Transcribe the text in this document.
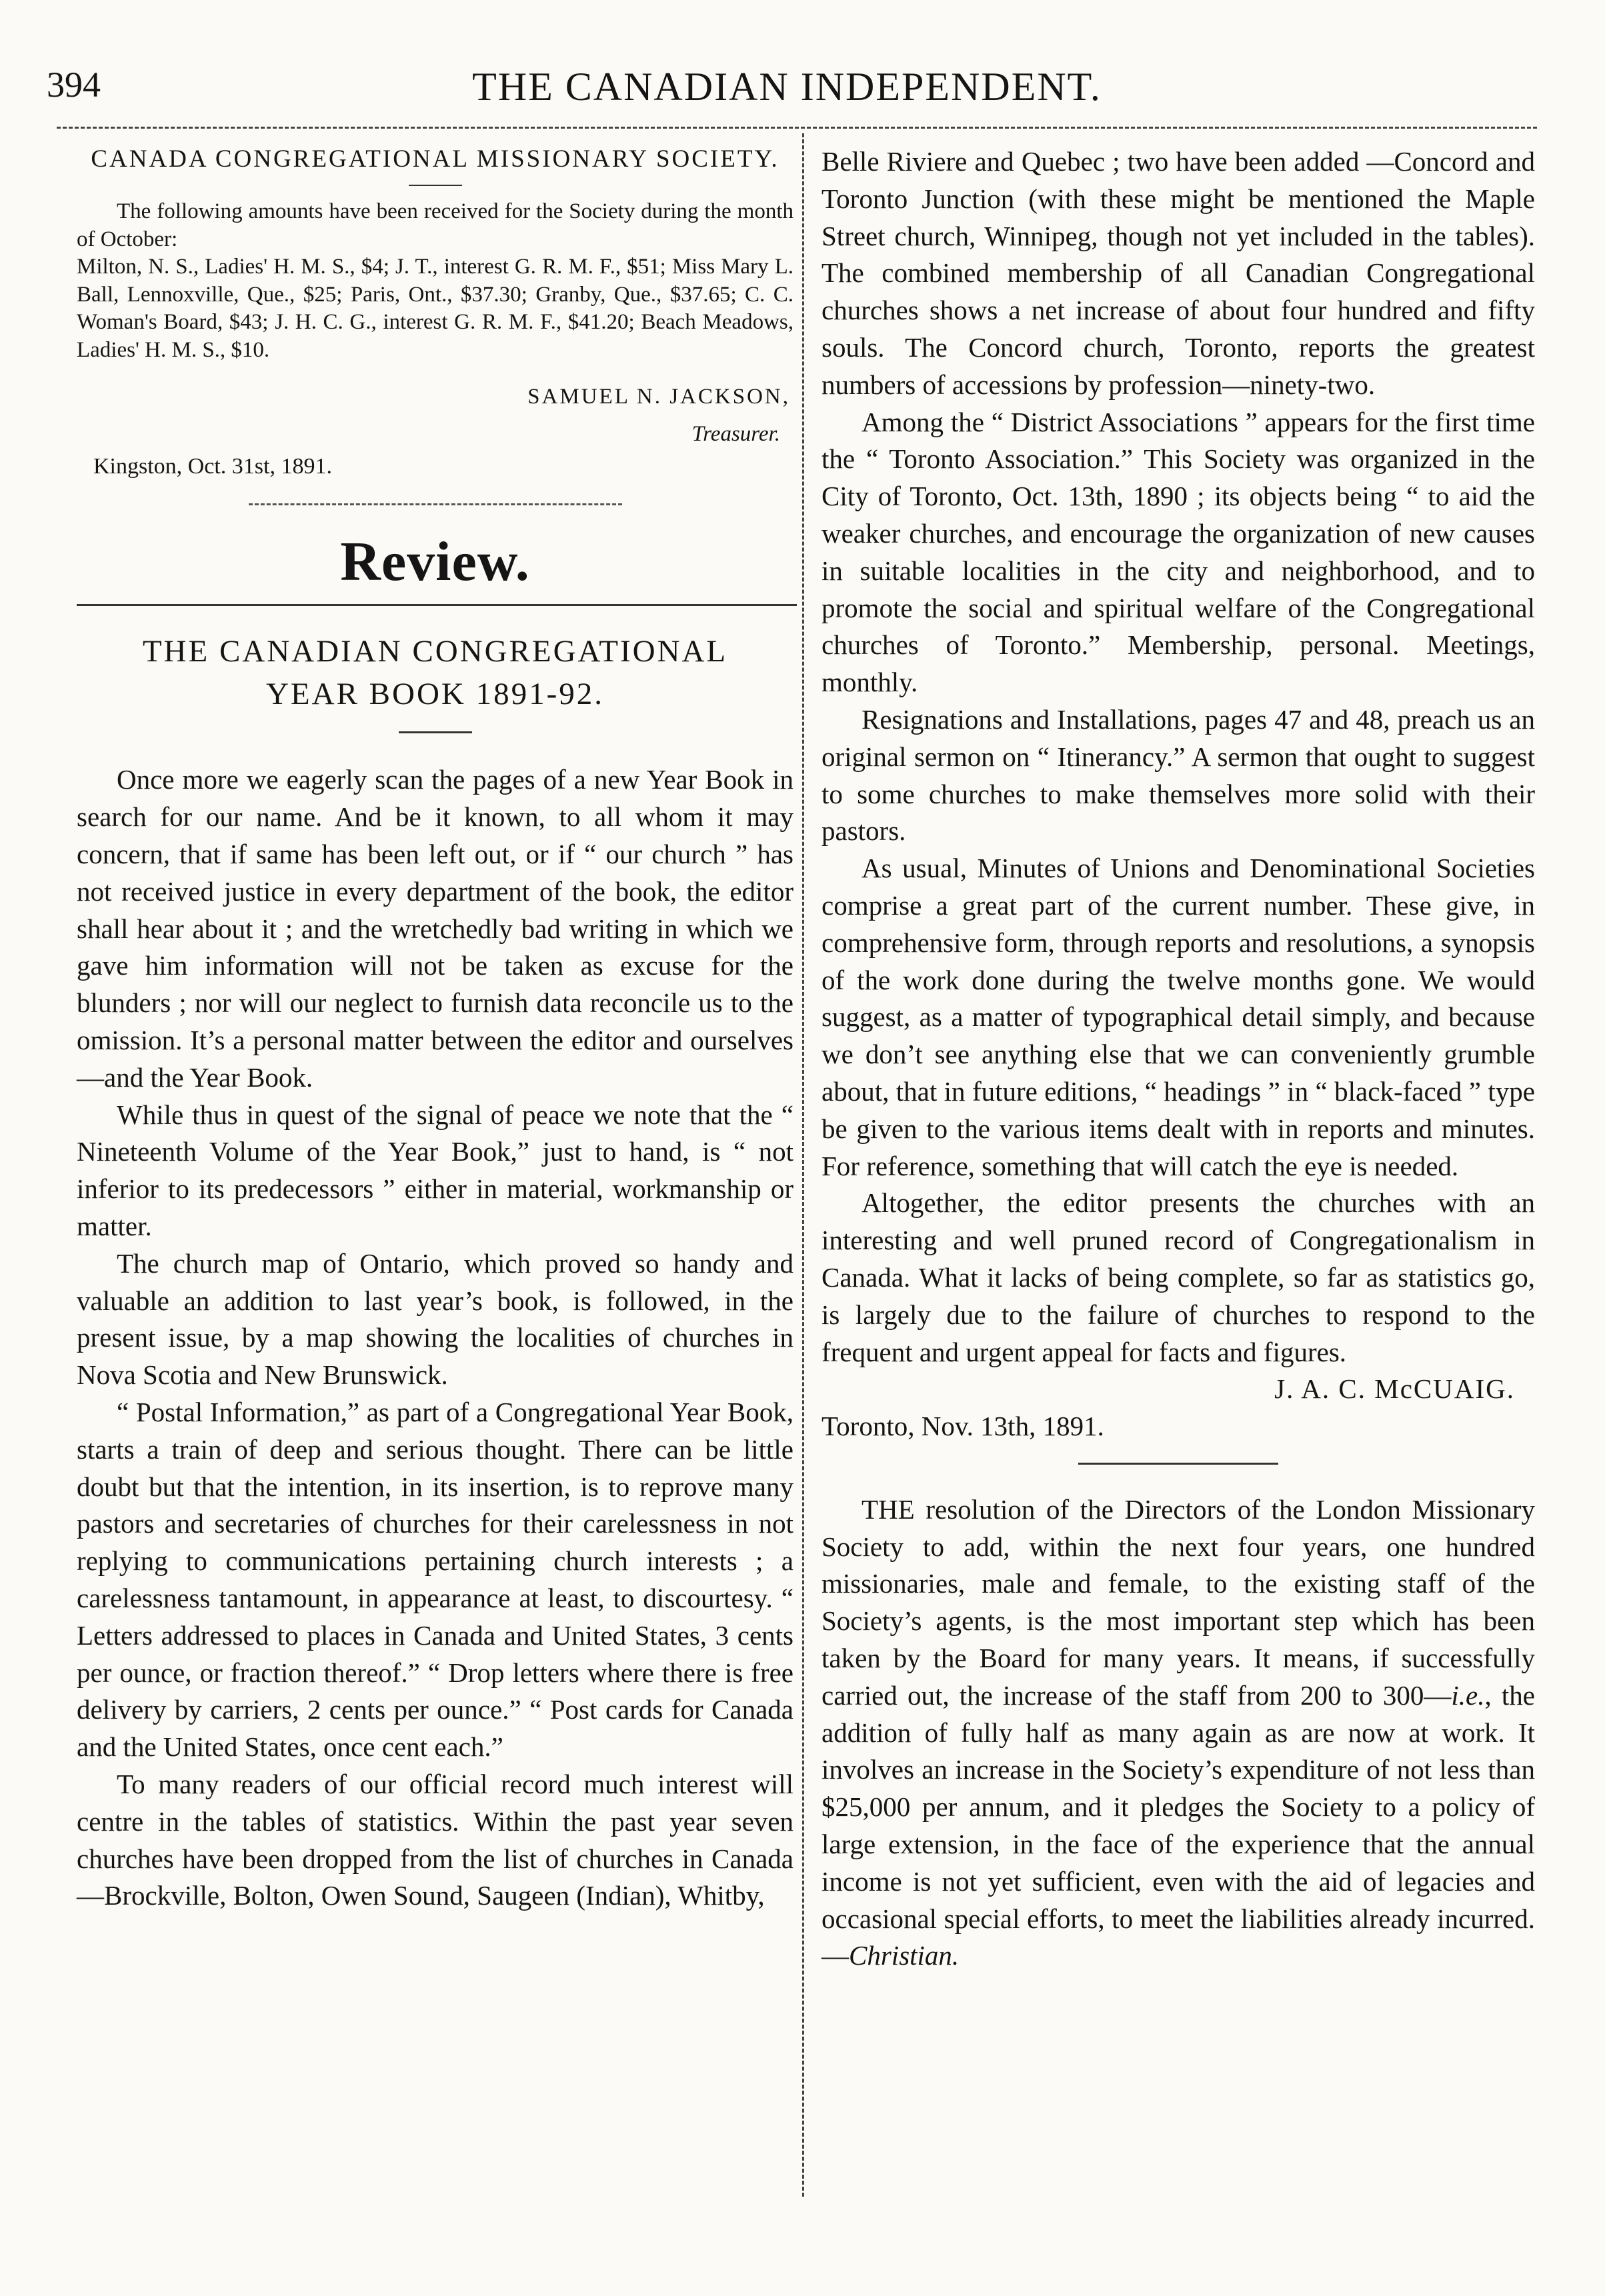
394	THE CANADIAN INDEPENDENT.
CANADA CONGREGATIONAL MISSIONARY SOCIETY.

The following amounts have been received for the Society during the month of October:

Milton, N. S., Ladies' H. M. S., $4; J. T., interest G. R. M. F., $51; Miss Mary L. Ball, Lennoxville, Que., $25; Paris, Ont., $37.30; Granby, Que., $37.65; C. C. Woman's Board, $43; J. H. C. G., interest G. R. M. F., $41.20; Beach Meadows, Ladies' H. M. S., $10.

SAMUEL N. JACKSON,
Treasurer.
Kingston, Oct. 31st, 1891.
Review.
THE CANADIAN CONGREGATIONAL
YEAR BOOK 1891-92.

Once more we eagerly scan the pages of a new Year Book in search for our name. And be it known, to all whom it may concern, that if same has been left out, or if “ our church ” has not received justice in every department of the book, the editor shall hear about it ; and the wretchedly bad writing in which we gave him information will not be taken as excuse for the blunders ; nor will our neglect to furnish data reconcile us to the omission. It’s a personal matter between the editor and ourselves—and the Year Book.

While thus in quest of the signal of peace we note that the “ Nineteenth Volume of the Year Book,” just to hand, is “ not inferior to its predecessors ” either in material, workmanship or matter.

The church map of Ontario, which proved so handy and valuable an addition to last year’s book, is followed, in the present issue, by a map showing the localities of churches in Nova Scotia and New Brunswick.

“ Postal Information,” as part of a Congregational Year Book, starts a train of deep and serious thought. There can be little doubt but that the intention, in its insertion, is to reprove many pastors and secretaries of churches for their carelessness in not replying to communications pertaining church interests ; a carelessness tantamount, in appearance at least, to discourtesy. “ Letters addressed to places in Canada and United States, 3 cents per ounce, or fraction thereof.” “ Drop letters where there is free delivery by carriers, 2 cents per ounce.” “ Post cards for Canada and the United States, once cent each.”

To many readers of our official record much interest will centre in the tables of statistics. Within the past year seven churches have been dropped from the list of churches in Canada—Brockville, Bolton, Owen Sound, Saugeen (Indian), Whitby,

Belle Riviere and Quebec ; two have been added —Concord and Toronto Junction (with these might be mentioned the Maple Street church, Winnipeg, though not yet included in the tables). The combined membership of all Canadian Congregational churches shows a net increase of about four hundred and fifty souls. The Concord church, Toronto, reports the greatest numbers of accessions by profession—ninety-two.

Among the “ District Associations ” appears for the first time the “ Toronto Association.” This Society was organized in the City of Toronto, Oct. 13th, 1890 ; its objects being “ to aid the weaker churches, and encourage the organization of new causes in suitable localities in the city and neighborhood, and to promote the social and spiritual welfare of the Congregational churches of Toronto.” Membership, personal. Meetings, monthly.

Resignations and Installations, pages 47 and 48, preach us an original sermon on “ Itinerancy.” A sermon that ought to suggest to some churches to make themselves more solid with their pastors.

As usual, Minutes of Unions and Denominational Societies comprise a great part of the current number. These give, in comprehensive form, through reports and resolutions, a synopsis of the work done during the twelve months gone. We would suggest, as a matter of typographical detail simply, and because we don’t see anything else that we can conveniently grumble about, that in future editions, “ headings ” in “ black-faced ” type be given to the various items dealt with in reports and minutes. For reference, something that will catch the eye is needed.

Altogether, the editor presents the churches with an interesting and well pruned record of Congregationalism in Canada. What it lacks of being complete, so far as statistics go, is largely due to the failure of churches to respond to the frequent and urgent appeal for facts and figures.

J. A. C. McCUAIG.
Toronto, Nov. 13th, 1891.

THE resolution of the Directors of the London Missionary Society to add, within the next four years, one hundred missionaries, male and female, to the existing staff of the Society’s agents, is the most important step which has been taken by the Board for many years. It means, if successfully carried out, the increase of the staff from 200 to 300—i.e., the addition of fully half as many again as are now at work. It involves an increase in the Society’s expenditure of not less than $25,000 per annum, and it pledges the Society to a policy of large extension, in the face of the experience that the annual income is not yet sufficient, even with the aid of legacies and occasional special efforts, to meet the liabilities already incurred.—Christian.
